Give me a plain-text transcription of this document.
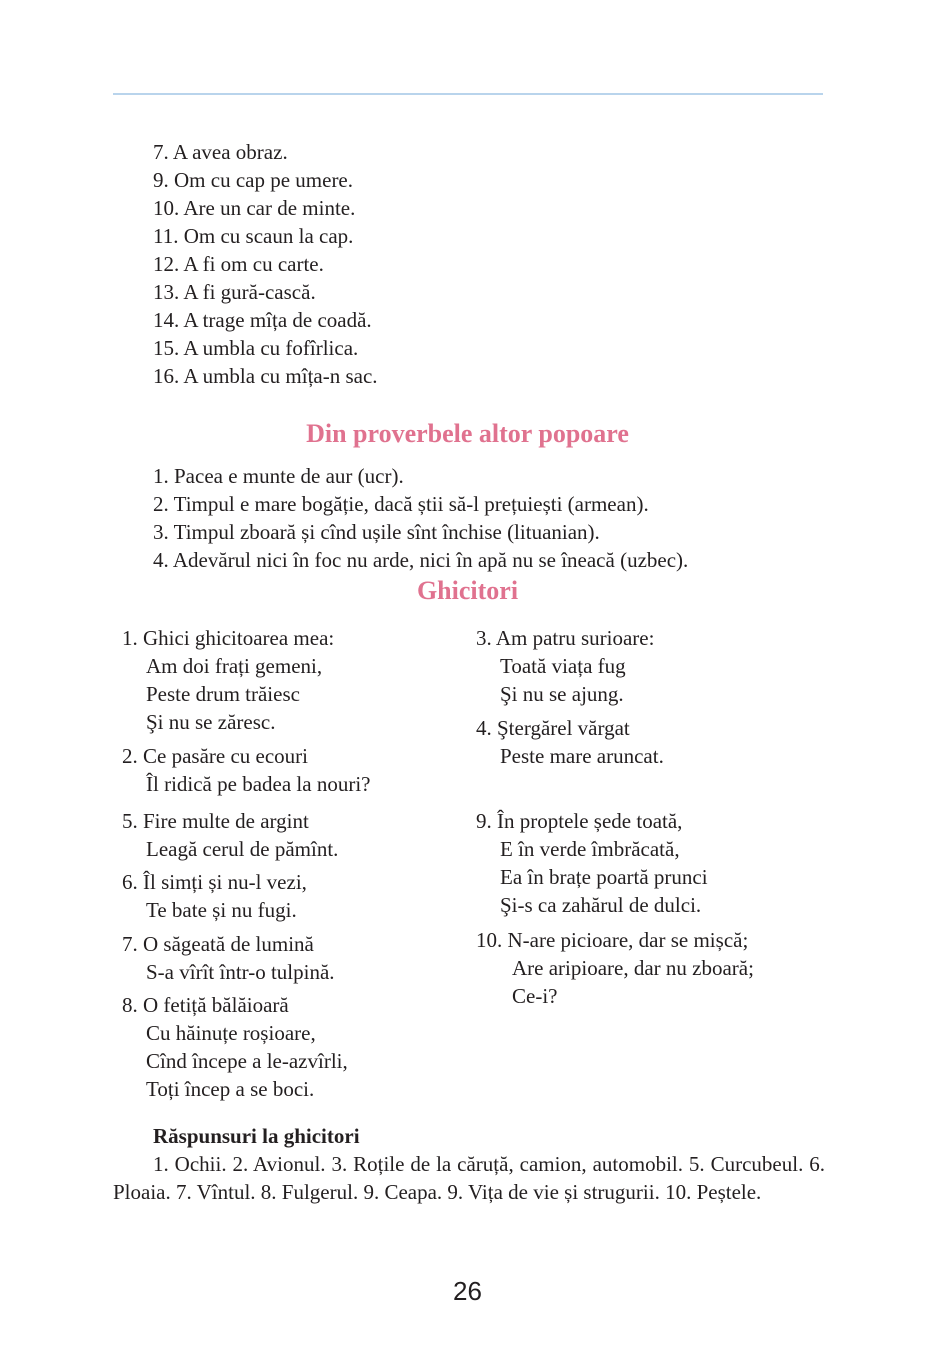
7. A avea obraz.
9. Om cu cap pe umere.
10. Are un car de minte.
11. Om cu scaun la cap.
12. A fi om cu carte.
13. A fi gură-cască.
14. A trage mîța de coadă.
15. A umbla cu fofîrlica.
16. A umbla cu mîța-n sac.
Din proverbele altor popoare
1. Pacea e munte de aur (ucr).
2. Timpul e mare bogăție, dacă știi să-l prețuiești (armean).
3. Timpul zboară și cînd ușile sînt închise (lituanian).
4. Adevărul nici în foc nu arde, nici în apă nu se îneacă (uzbec).
Ghicitori
1. Ghici ghicitoarea mea:
Am doi frați gemeni,
Peste drum trăiesc
Şi nu se zăresc.
2. Ce pasăre cu ecouri
Îl ridică pe badea la nouri?
3. Am patru surioare:
Toată viața fug
Şi nu se ajung.
4. Ştergărel vărgat
Peste mare aruncat.
5. Fire multe de argint
Leagă cerul de pămînt.
6. Îl simți și nu-l vezi,
Te bate și nu fugi.
7. O săgeată de lumină
S-a vîrît într-o tulpină.
8. O fetiță bălăioară
Cu hăinuțe roșioare,
Cînd începe a le-azvîrli,
Toți încep a se boci.
9. În proptele șede toată,
E în verde îmbrăcată,
Ea în brațe poartă prunci
Şi-s ca zahărul de dulci.
10. N-are picioare, dar se mișcă;
Are aripioare, dar nu zboară;
Ce-i?
Răspunsuri la ghicitori
1. Ochii. 2. Avionul. 3. Roțile de la căruță, camion, automobil. 5. Curcubeul. 6. Ploaia. 7. Vîntul. 8. Fulgerul. 9. Ceapa. 9. Vița de vie și strugurii. 10. Peștele.
26
